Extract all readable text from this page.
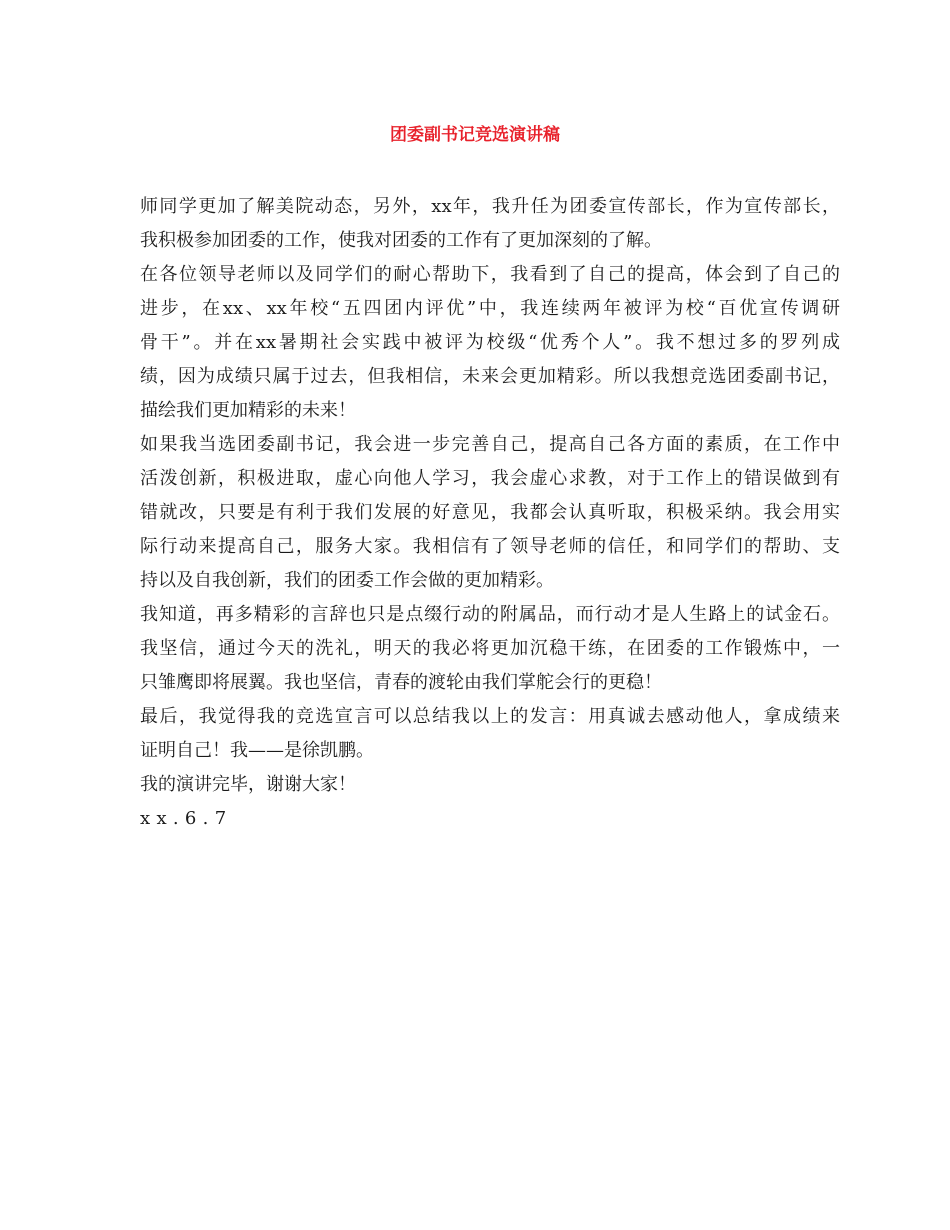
团委副书记竞选演讲稿
师同学更加了解美院动态，另外，xx年，我升任为团委宣传部长，作为宣传部长，
我积极参加团委的工作，使我对团委的工作有了更加深刻的了解。
在各位领导老师以及同学们的耐心帮助下，我看到了自己的提高，体会到了自己的
进步，在xx、xx年校“五四团内评优”中，我连续两年被评为校“百优宣传调研
骨干”。并在xx暑期社会实践中被评为校级“优秀个人”。我不想过多的罗列成
绩，因为成绩只属于过去，但我相信，未来会更加精彩。所以我想竞选团委副书记，
描绘我们更加精彩的未来！
如果我当选团委副书记，我会进一步完善自己，提高自己各方面的素质，在工作中
活泼创新，积极进取，虚心向他人学习，我会虚心求教，对于工作上的错误做到有
错就改，只要是有利于我们发展的好意见，我都会认真听取，积极采纳。我会用实
际行动来提高自己，服务大家。我相信有了领导老师的信任，和同学们的帮助、支
持以及自我创新，我们的团委工作会做的更加精彩。
我知道，再多精彩的言辞也只是点缀行动的附属品，而行动才是人生路上的试金石。
我坚信，通过今天的洗礼，明天的我必将更加沉稳干练，在团委的工作锻炼中，一
只雏鹰即将展翼。我也坚信，青春的渡轮由我们掌舵会行的更稳！
最后，我觉得我的竞选宣言可以总结我以上的发言：用真诚去感动他人，拿成绩来
证明自己！我——是徐凯鹏。
我的演讲完毕，谢谢大家！
xx.6.7
